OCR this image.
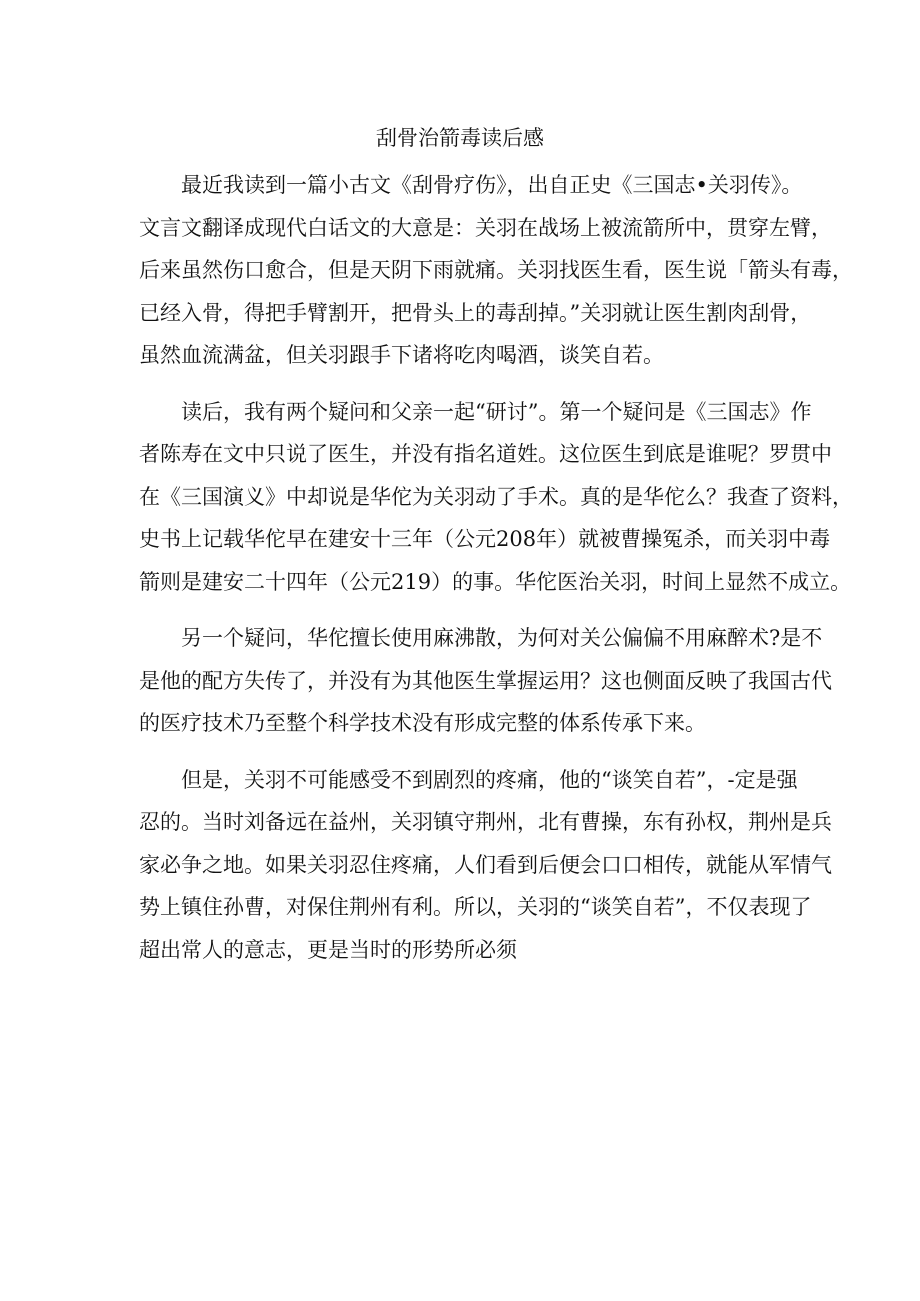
刮骨治箭毒读后感

最近我读到一篇小古文《刮骨疗伤》，出自正史《三国志•关羽传》。
文言文翻译成现代白话文的大意是：关羽在战场上被流箭所中，贯穿左臂，
后来虽然伤口愈合，但是天阴下雨就痛。关羽找医生看，医生说「箭头有毒，
已经入骨，得把手臂割开，把骨头上的毒刮掉。”关羽就让医生割肉刮骨，
虽然血流满盆，但关羽跟手下诸将吃肉喝酒，谈笑自若。

读后，我有两个疑问和父亲一起“研讨”。第一个疑问是《三国志》作
者陈寿在文中只说了医生，并没有指名道姓。这位医生到底是谁呢？罗贯中
在《三国演义》中却说是华佗为关羽动了手术。真的是华佗么？我查了资料，
史书上记载华佗早在建安十三年（公元208年）就被曹操冤杀，而关羽中毒
箭则是建安二十四年（公元219）的事。华佗医治关羽，时间上显然不成立。

另一个疑问，华佗擅长使用麻沸散，为何对关公偏偏不用麻醉术?是不
是他的配方失传了，并没有为其他医生掌握运用？这也侧面反映了我国古代
的医疗技术乃至整个科学技术没有形成完整的体系传承下来。

但是，关羽不可能感受不到剧烈的疼痛，他的“谈笑自若”，-定是强
忍的。当时刘备远在益州，关羽镇守荆州，北有曹操，东有孙权，荆州是兵
家必争之地。如果关羽忍住疼痛，人们看到后便会口口相传，就能从军情气
势上镇住孙曹，对保住荆州有利。所以，关羽的“谈笑自若”，不仅表现了
超出常人的意志，更是当时的形势所必须
